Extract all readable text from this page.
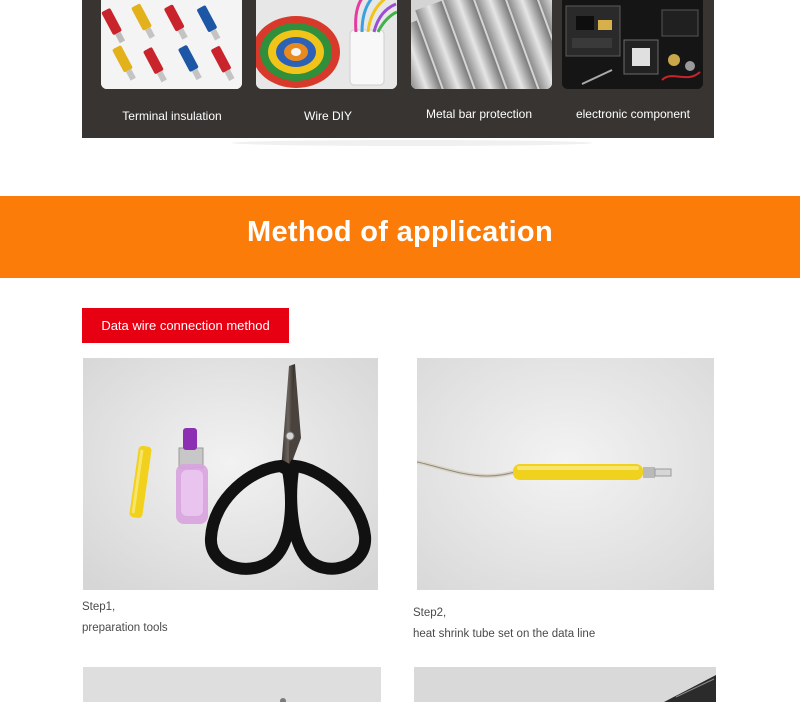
Terminal insulation	Wire DIY	Metal bar protection	electronic component
Method of application
Data wire connection method
Step1,
preparation tools
Step2,
heat shrink tube set on the data line
